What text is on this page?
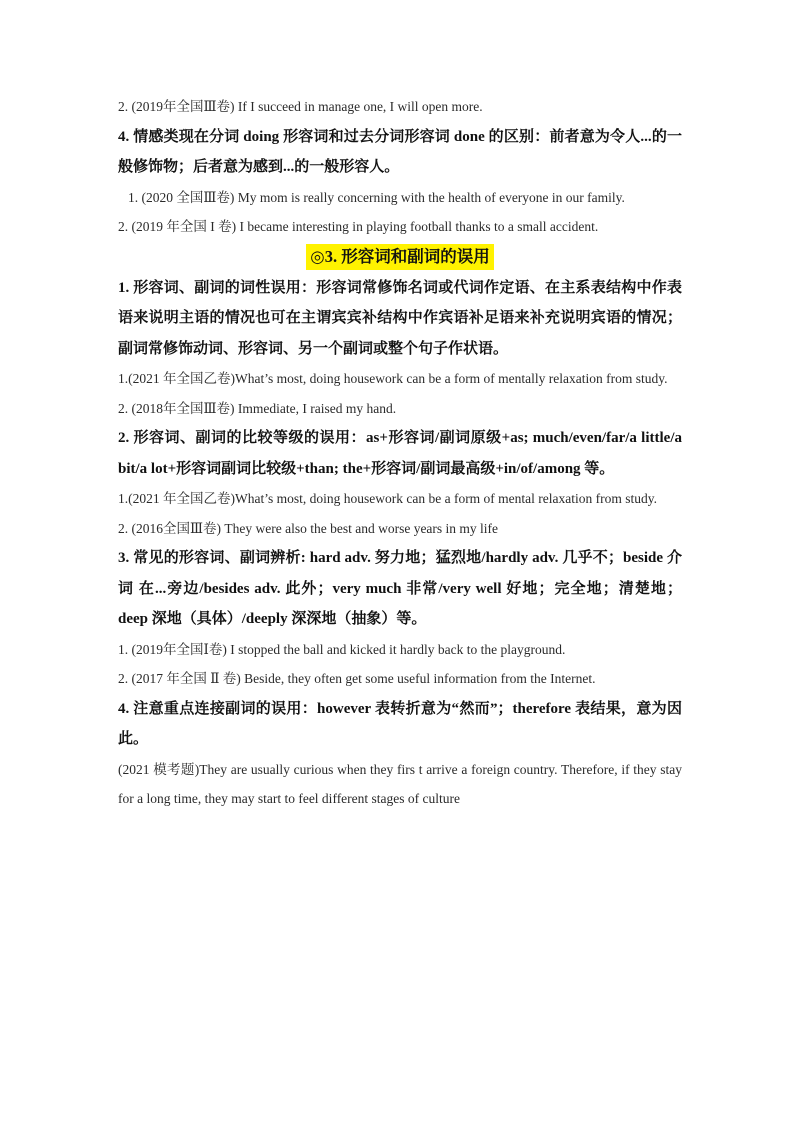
2. (2019年全国Ⅲ卷) If I succeed in manage one, I will open more.

4. 情感类现在分词 doing 形容词和过去分词形容词 done 的区别：前者意为令人...的一般修饰物；后者意为感到...的一般形容人。

1. (2020 全国Ⅲ卷) My mom is really concerning with the health of everyone in our family.

2. (2019 年全国 I 卷) I became interesting in playing football thanks to a small accident.

◎3. 形容词和副词的误用

1. 形容词、副词的词性误用：形容词常修饰名词或代词作定语、在主系表结构中作表语来说明主语的情况也可在主谓宾宾补结构中作宾语补足语来补充说明宾语的情况；副词常修饰动词、形容词、另一个副词或整个句子作状语。

1.(2021 年全国乙卷)What’s most, doing housework can be a form of mentally relaxation from study.

2. (2018年全国Ⅲ卷) Immediate, I raised my hand.

2. 形容词、副词的比较等级的误用：as+形容词/副词原级+as; much/even/far/a little/a bit/a lot+形容词副词比较级+than; the+形容词/副词最高级+in/of/among 等。

1.(2021 年全国乙卷)What’s most, doing housework can be a form of mental relaxation from study.

2. (2016全国Ⅲ卷) They were also the best and worse years in my life

3. 常见的形容词、副词辨析: hard adv. 努力地；猛烈地/hardly adv. 几乎不；beside 介词 在...旁边/besides adv. 此外；very much 非常/very well 好地；完全地；清楚地；deep 深地（具体）/deeply 深深地（抽象）等。

1. (2019年全国Ⅰ卷) I stopped the ball and kicked it hardly back to the playground.

2. (2017 年全国 Ⅱ 卷) Beside, they often get some useful information from the Internet.

4. 注意重点连接副词的误用：however 表转折意为“然而”；therefore 表结果，意为因此。

(2021 模考题)They are usually curious when they firs t arrive a foreign country. Therefore, if they stay for a long time, they may start to feel different stages of culture
